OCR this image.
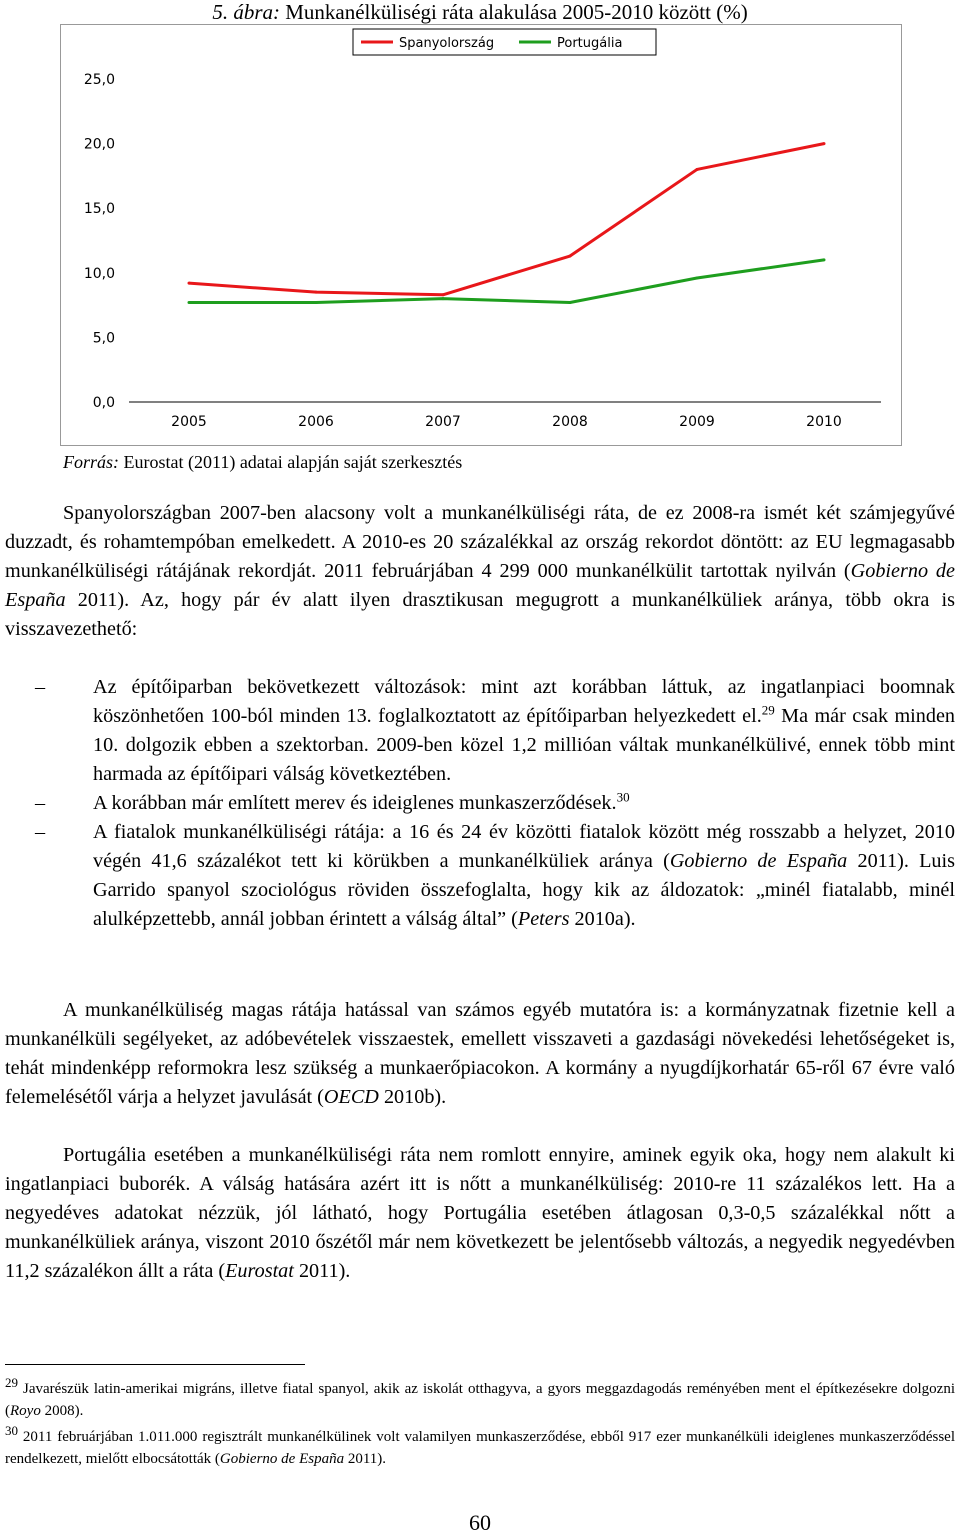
5. ábra: Munkanélküliségi ráta alakulása 2005-2010 között (%)
0,0
5,0
10,0
15,0
20,0
25,0
2005	2006	2007	2008	2009	2010
Spanyolország	Portugália
Forrás: Eurostat (2011) adatai alapján saját szerkesztés

Spanyolországban 2007-ben alacsony volt a munkanélküliségi ráta, de ez 2008-ra ismét két számjegyűvé duzzadt, és rohamtempóban emelkedett. A 2010-es 20 százalékkal az ország rekordot döntött: az EU legmagasabb munkanélküliségi rátájának rekordját. 2011 februárjában 4 299 000 munkanélkülit tartottak nyilván (Gobierno de España 2011). Az, hogy pár év alatt ilyen drasztikusan megugrott a munkanélküliek aránya, több okra is visszavezethető:

– Az építőiparban bekövetkezett változások: mint azt korábban láttuk, az ingatlanpiaci boomnak köszönhetően 100-ból minden 13. foglalkoztatott az építőiparban helyezkedett el.$^{29}$ Ma már csak minden 10. dolgozik ebben a szektorban. 2009-ben közel 1,2 millióan váltak munkanélkülivé, ennek több mint harmada az építőipari válság következtében.

– A korábban már említett merev és ideiglenes munkaszerződések.$^{30}$

– A fiatalok munkanélküliségi rátája: a 16 és 24 év közötti fiatalok között még rosszabb a helyzet, 2010 végén 41,6 százalékot tett ki körükben a munkanélküliek aránya (Gobierno de España 2011). Luis Garrido spanyol szociológus röviden összefoglalta, hogy kik az áldozatok: „minél fiatalabb, minél alulképzettebb, annál jobban érintett a válság által” (Peters 2010a).

A munkanélküliség magas rátája hatással van számos egyéb mutatóra is: a kormányzatnak fizetnie kell a munkanélküli segélyeket, az adóbevételek visszaestek, emellett visszaveti a gazdasági növekedési lehetőségeket is, tehát mindenképp reformokra lesz szükség a munkaerőpiacokon. A kormány a nyugdíjkorhatár 65-ről 67 évre való felemelésétől várja a helyzet javulását (OECD 2010b).

Portugália esetében a munkanélküliségi ráta nem romlott ennyire, aminek egyik oka, hogy nem alakult ki ingatlanpiaci buborék. A válság hatására azért itt is nőtt a munkanélküliség: 2010-re 11 százalékos lett. Ha a negyedéves adatokat nézzük, jól látható, hogy Portugália esetében átlagosan 0,3-0,5 százalékkal nőtt a munkanélküliek aránya, viszont 2010 őszétől már nem következett be jelentősebb változás, a negyedik negyedévben 11,2 százalékon állt a ráta (Eurostat 2011).

$^{29}$ Javarészük latin-amerikai migráns, illetve fiatal spanyol, akik az iskolát otthagyva, a gyors meggazdagodás reményében ment el építkezésekre dolgozni (Royo 2008).

$^{30}$ 2011 februárjában 1.011.000 regisztrált munkanélkülinek volt valamilyen munkaszerződése, ebből 917 ezer munkanélküli ideiglenes munkaszerződéssel rendelkezett, mielőtt elbocsátották (Gobierno de España 2011).

60
